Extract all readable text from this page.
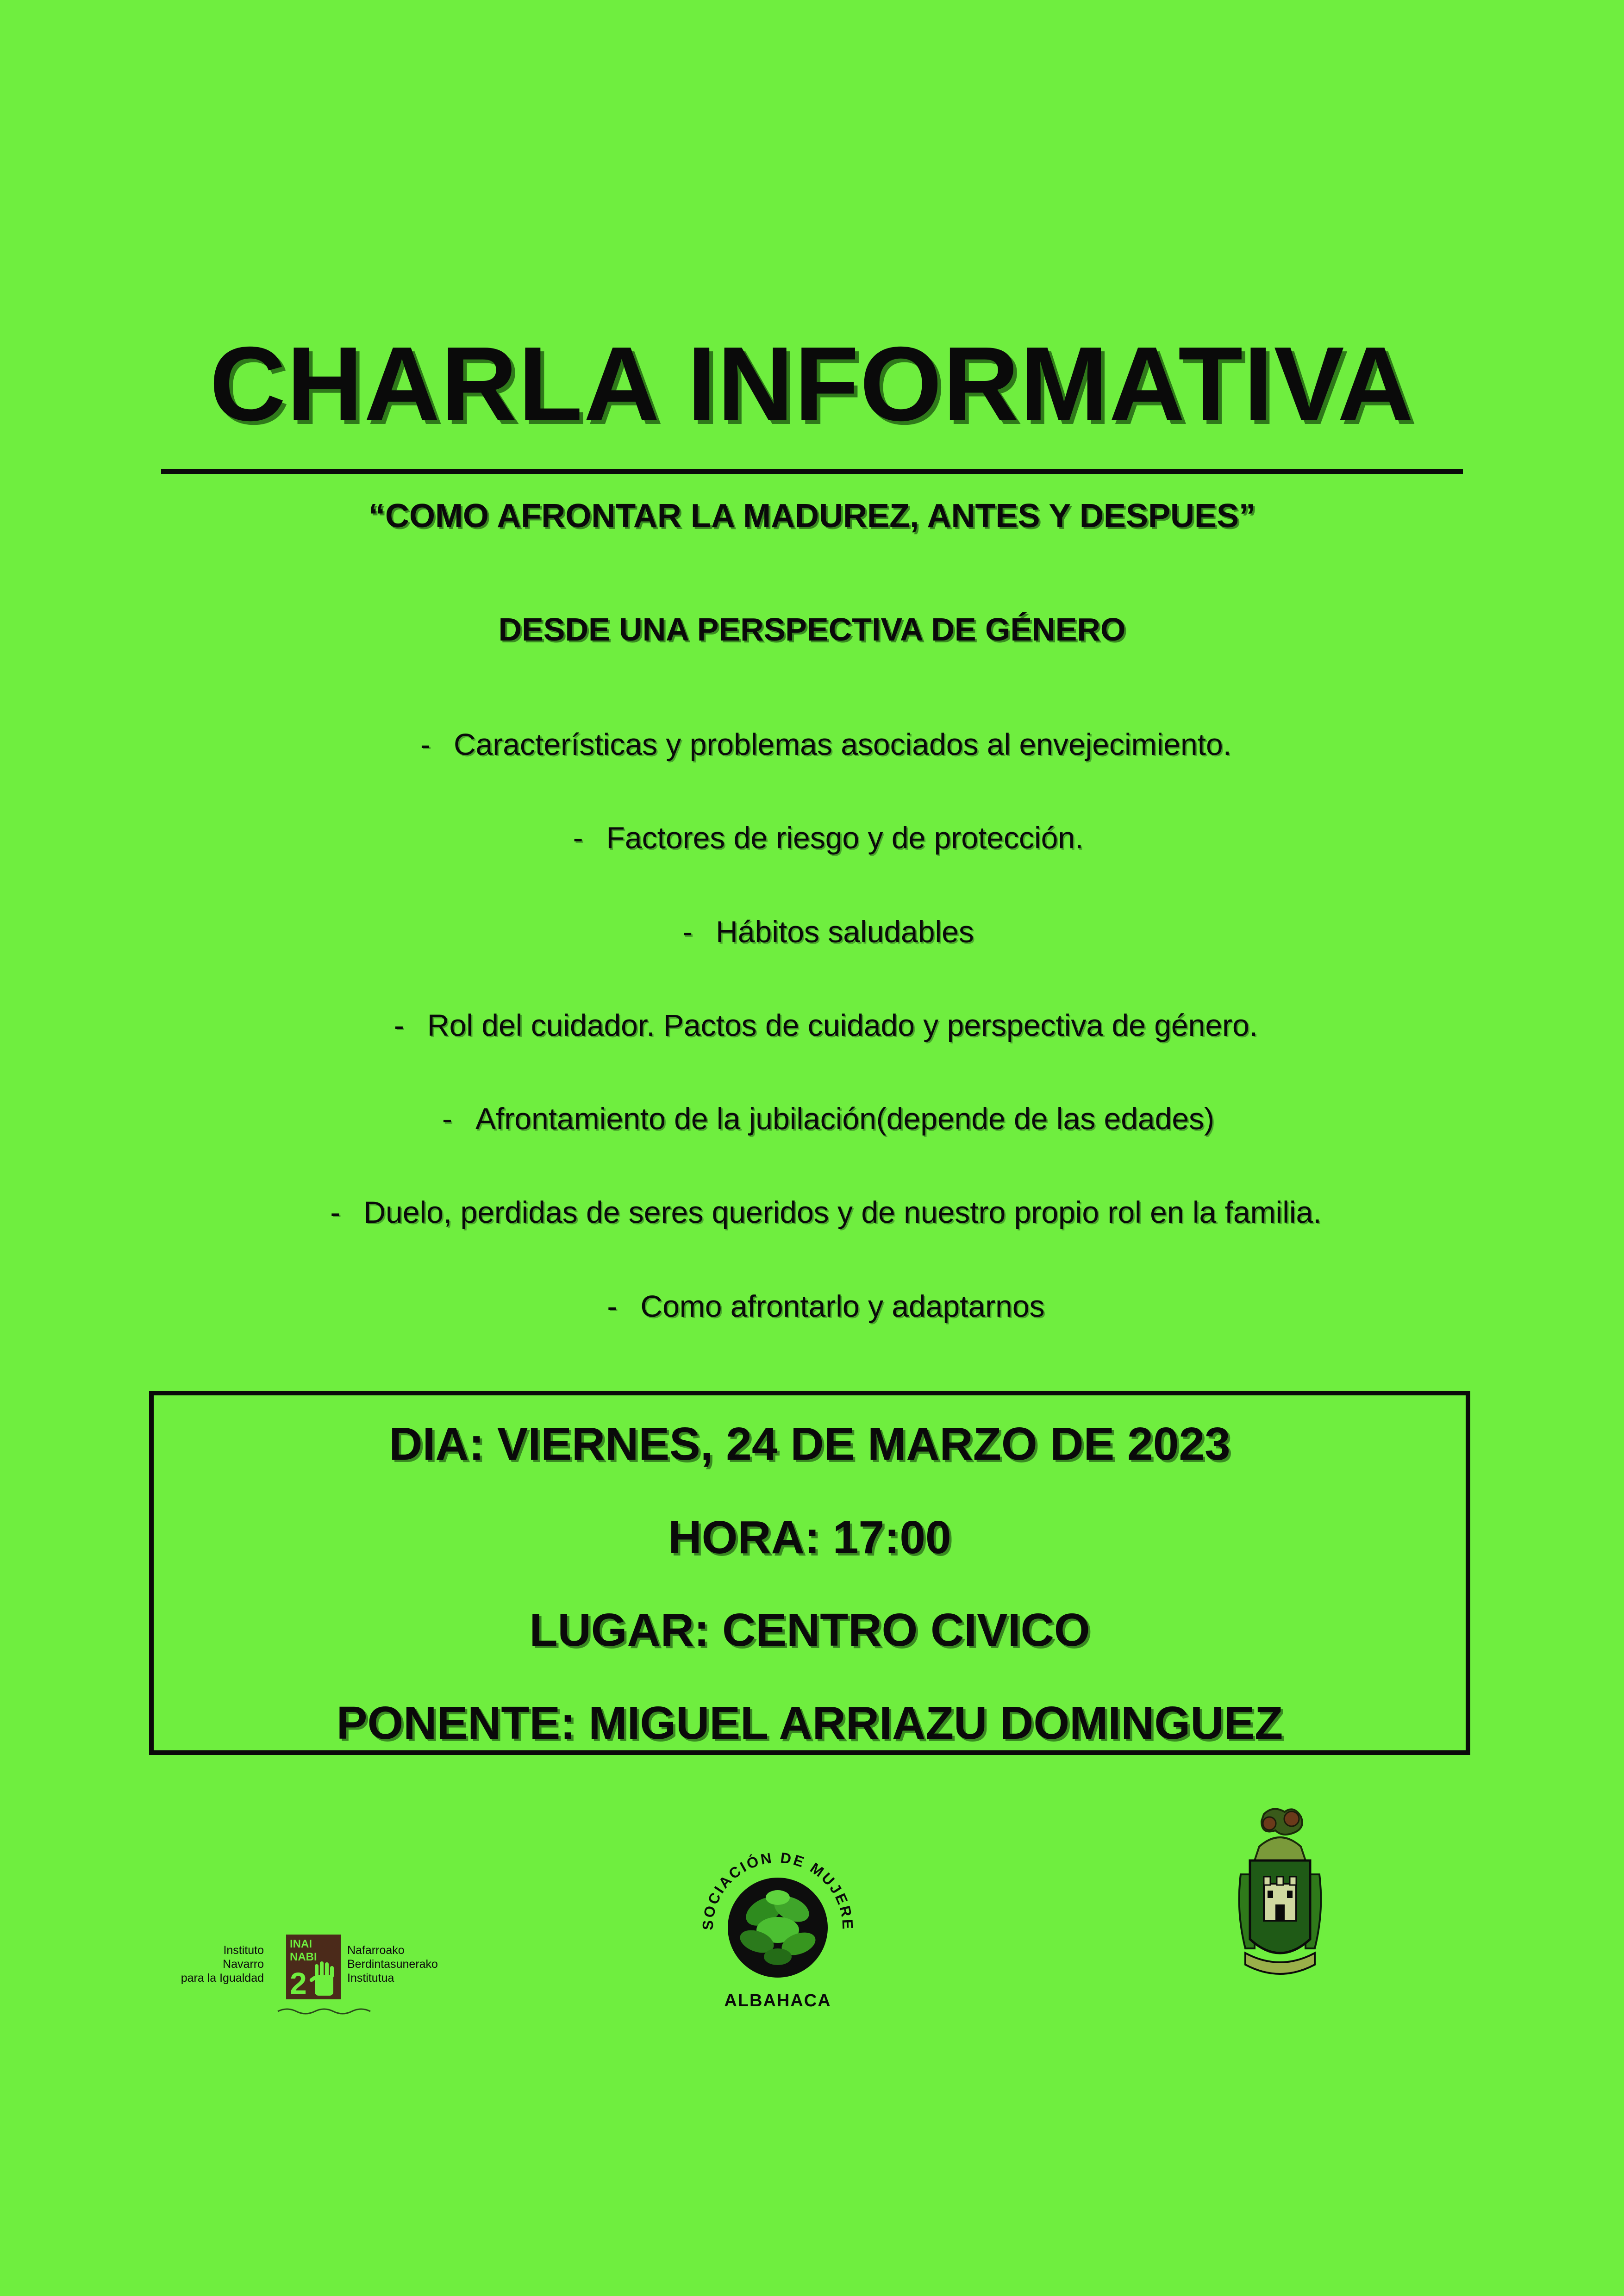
CHARLA INFORMATIVA
“COMO AFRONTAR LA MADUREZ, ANTES Y DESPUES”
DESDE UNA PERSPECTIVA DE GÉNERO
- Características y problemas asociados al envejecimiento.
- Factores de riesgo y de protección.
- Hábitos saludables
- Rol del cuidador. Pactos de cuidado y perspectiva de género.
- Afrontamiento de la jubilación(depende de las edades)
- Duelo, perdidas de seres queridos y de nuestro propio rol en la familia.
- Como afrontarlo y adaptarnos
DIA: VIERNES, 24 DE MARZO DE 2023
HORA: 17:00
LUGAR: CENTRO CIVICO
PONENTE: MIGUEL ARRIAZU DOMINGUEZ
Instituto
Navarro
para la Igualdad
INAI
NABI
2
Nafarroako
Berdintasunerako
Institutua
SOCIACIÓN DE MUJERE
ALBAHACA
